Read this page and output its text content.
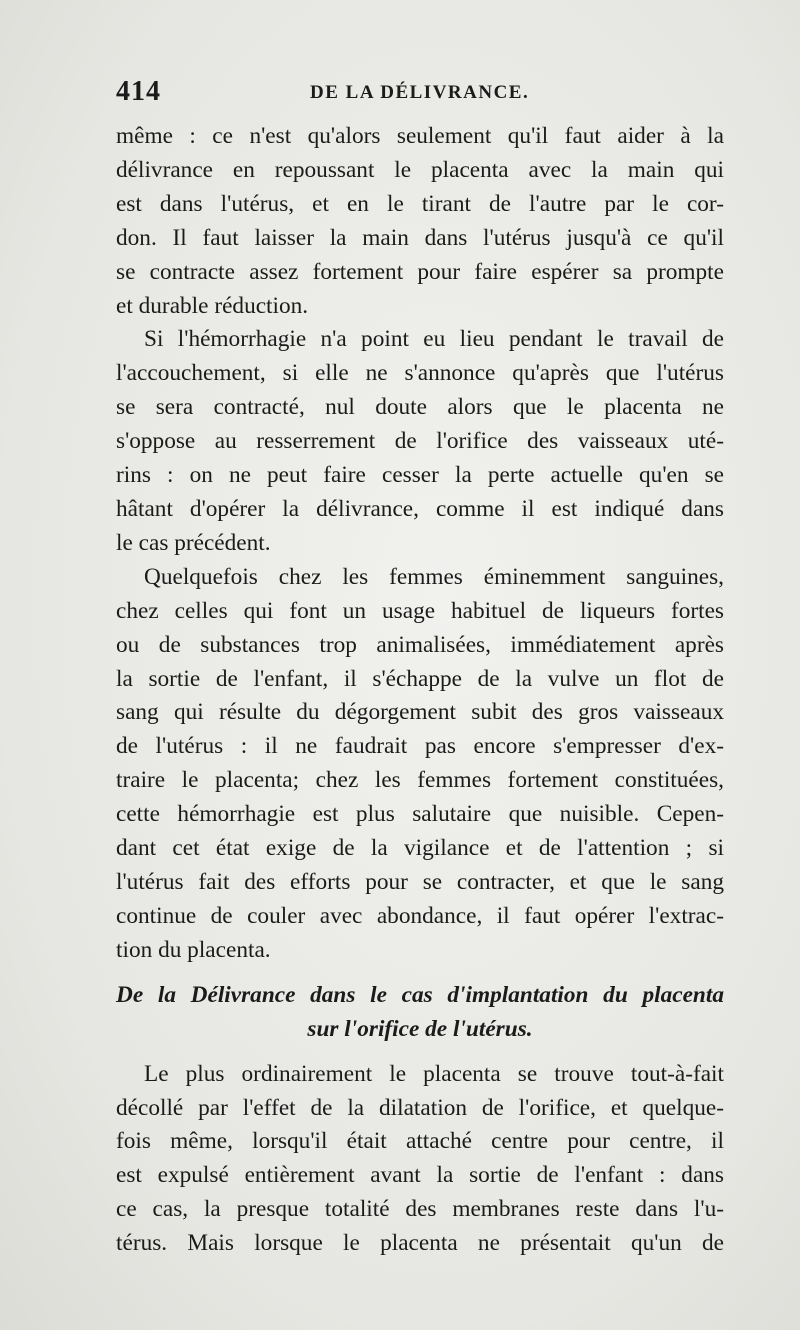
414	DE LA DÉLIVRANCE.

même : ce n'est qu'alors seulement qu'il faut aider à la
délivrance en repoussant le placenta avec la main qui
est dans l'utérus, et en le tirant de l'autre par le cor-
don. Il faut laisser la main dans l'utérus jusqu'à ce qu'il
se contracte assez fortement pour faire espérer sa prompte
et durable réduction.

Si l'hémorrhagie n'a point eu lieu pendant le travail de
l'accouchement, si elle ne s'annonce qu'après que l'utérus
se sera contracté, nul doute alors que le placenta ne
s'oppose au resserrement de l'orifice des vaisseaux uté-
rins : on ne peut faire cesser la perte actuelle qu'en se
hâtant d'opérer la délivrance, comme il est indiqué dans
le cas précédent.

Quelquefois chez les femmes éminemment sanguines,
chez celles qui font un usage habituel de liqueurs fortes
ou de substances trop animalisées, immédiatement après
la sortie de l'enfant, il s'échappe de la vulve un flot de
sang qui résulte du dégorgement subit des gros vaisseaux
de l'utérus : il ne faudrait pas encore s'empresser d'ex-
traire le placenta; chez les femmes fortement constituées,
cette hémorrhagie est plus salutaire que nuisible. Cepen-
dant cet état exige de la vigilance et de l'attention ; si
l'utérus fait des efforts pour se contracter, et que le sang
continue de couler avec abondance, il faut opérer l'extrac-
tion du placenta.

De la Délivrance dans le cas d'implantation du placenta
sur l'orifice de l'utérus.

Le plus ordinairement le placenta se trouve tout-à-fait
décollé par l'effet de la dilatation de l'orifice, et quelque-
fois même, lorsqu'il était attaché centre pour centre, il
est expulsé entièrement avant la sortie de l'enfant : dans
ce cas, la presque totalité des membranes reste dans l'u-
térus. Mais lorsque le placenta ne présentait qu'un de
